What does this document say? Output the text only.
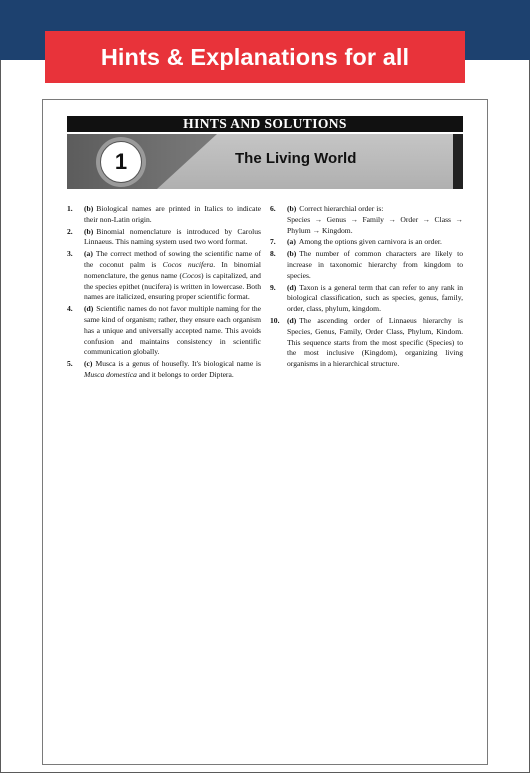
Hints & Explanations for all
HINTS AND SOLUTIONS
1	The Living World
1.	(b) Biological names are printed in Italics to indicate their non-Latin origin.
2.	(b) Binomial nomenclature is introduced by Carolus Linnaeus. This naming system used two word format.
3.	(a) The correct method of sowing the scientific name of the coconut palm is Cocos nucifera. In binomial nomenclature, the genus name (Cocos) is capitalized, and the species epithet (nucifera) is written in lowercase. Both names are italicized, ensuring proper scientific format.
4.	(d) Scientific names do not favor multiple naming for the same kind of organism; rather, they ensure each organism has a unique and universally accepted name. This avoids confusion and maintains consistency in scientific communication globally.
5.	(c) Musca is a genus of housefly. It's biological name is Musca domestica and it belongs to order Diptera.
6.	(b) Correct hierarchial order is:
Species → Genus → Family → Order → Class → Phylum → Kingdom.
7.	(a) Among the options given carnivora is an order.
8.	(b) The number of common characters are likely to increase in taxonomic hierarchy from kingdom to species.
9.	(d) Taxon is a general term that can refer to any rank in biological classification, such as species, genus, family, order, class, phylum, kingdom.
10. (d) The ascending order of Linnaeus hierarchy is Species, Genus, Family, Order Class, Phylum, Kindom. This sequence starts from the most specific (Species) to the most inclusive (Kingdom), organizing living organisms in a hierarchical structure.
